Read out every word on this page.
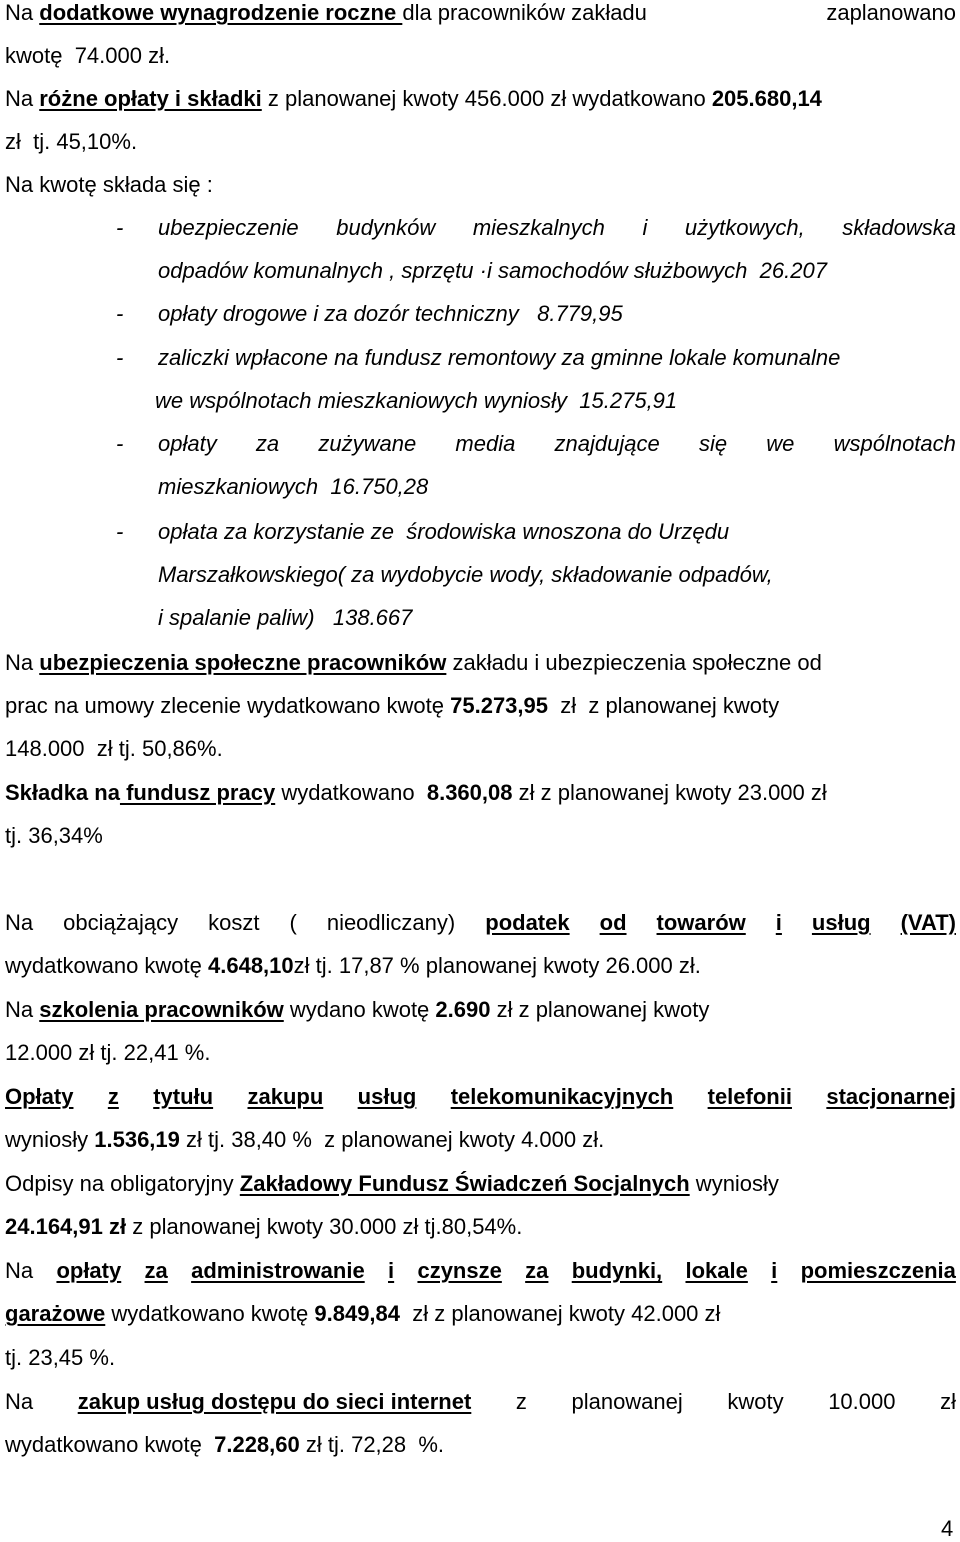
Na dodatkowe wynagrodzenie roczne dla pracowników zakładu	zaplanowano
kwotę  74.000 zł.
Na różne opłaty i składki z planowanej kwoty 456.000 zł wydatkowano 205.680,14
zł  tj. 45,10%.
Na kwotę składa się :
- ubezpieczenie budynków mieszkalnych i użytkowych, składowska
odpadów komunalnych , sprzętu ·i samochodów służbowych  26.207
- opłaty drogowe i za dozór techniczny   8.779,95
- zaliczki wpłacone na fundusz remontowy za gminne lokale komunalne
we wspólnotach mieszkaniowych wyniosły  15.275,91
- opłaty za zużywane media znajdujące się we wspólnotach
mieszkaniowych  16.750,28
- opłata za korzystanie ze  środowiska wnoszona do Urzędu
Marszałkowskiego( za wydobycie wody, składowanie odpadów,
i spalanie paliw)   138.667
Na ubezpieczenia społeczne pracowników zakładu i ubezpieczenia społeczne od
prac na umowy zlecenie wydatkowano kwotę 75.273,95  zł  z planowanej kwoty
148.000  zł tj. 50,86%.
Składka na fundusz pracy wydatkowano  8.360,08 zł z planowanej kwoty 23.000 zł
tj. 36,34%
Na obciążający koszt ( nieodliczany) podatek od towarów i usług (VAT)
wydatkowano kwotę 4.648,10zł tj. 17,87 % planowanej kwoty 26.000 zł.
Na szkolenia pracowników wydano kwotę 2.690 zł z planowanej kwoty
12.000 zł tj. 22,41 %.
Opłaty z tytułu zakupu usług telekomunikacyjnych telefonii stacjonarnej
wyniosły 1.536,19 zł tj. 38,40 %  z planowanej kwoty 4.000 zł.
Odpisy na obligatoryjny Zakładowy Fundusz Świadczeń Socjalnych wyniosły
24.164,91 zł z planowanej kwoty 30.000 zł tj.80,54%.
Na opłaty za administrowanie i czynsze za budynki, lokale i pomieszczenia
garażowe wydatkowano kwotę 9.849,84  zł z planowanej kwoty 42.000 zł
tj. 23,45 %.
Na zakup usług dostępu do sieci internet z planowanej kwoty 10.000 zł
wydatkowano kwotę  7.228,60 zł tj. 72,28  %.
4
